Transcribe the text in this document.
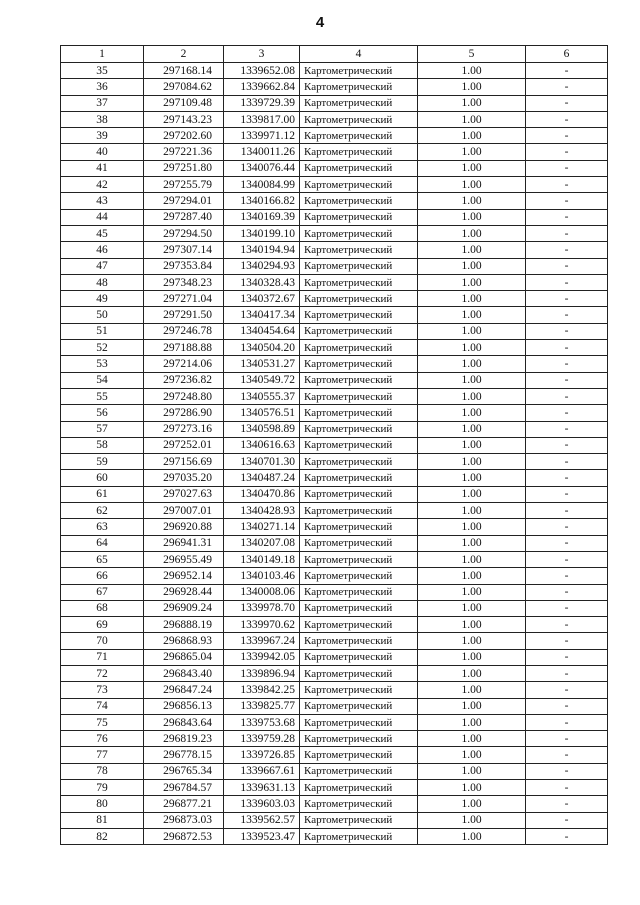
4
1	2	3	4	5	6
35	297168.14	1339652.08	Картометрический	1.00	-
36	297084.62	1339662.84	Картометрический	1.00	-
37	297109.48	1339729.39	Картометрический	1.00	-
38	297143.23	1339817.00	Картометрический	1.00	-
39	297202.60	1339971.12	Картометрический	1.00	-
40	297221.36	1340011.26	Картометрический	1.00	-
41	297251.80	1340076.44	Картометрический	1.00	-
42	297255.79	1340084.99	Картометрический	1.00	-
43	297294.01	1340166.82	Картометрический	1.00	-
44	297287.40	1340169.39	Картометрический	1.00	-
45	297294.50	1340199.10	Картометрический	1.00	-
46	297307.14	1340194.94	Картометрический	1.00	-
47	297353.84	1340294.93	Картометрический	1.00	-
48	297348.23	1340328.43	Картометрический	1.00	-
49	297271.04	1340372.67	Картометрический	1.00	-
50	297291.50	1340417.34	Картометрический	1.00	-
51	297246.78	1340454.64	Картометрический	1.00	-
52	297188.88	1340504.20	Картометрический	1.00	-
53	297214.06	1340531.27	Картометрический	1.00	-
54	297236.82	1340549.72	Картометрический	1.00	-
55	297248.80	1340555.37	Картометрический	1.00	-
56	297286.90	1340576.51	Картометрический	1.00	-
57	297273.16	1340598.89	Картометрический	1.00	-
58	297252.01	1340616.63	Картометрический	1.00	-
59	297156.69	1340701.30	Картометрический	1.00	-
60	297035.20	1340487.24	Картометрический	1.00	-
61	297027.63	1340470.86	Картометрический	1.00	-
62	297007.01	1340428.93	Картометрический	1.00	-
63	296920.88	1340271.14	Картометрический	1.00	-
64	296941.31	1340207.08	Картометрический	1.00	-
65	296955.49	1340149.18	Картометрический	1.00	-
66	296952.14	1340103.46	Картометрический	1.00	-
67	296928.44	1340008.06	Картометрический	1.00	-
68	296909.24	1339978.70	Картометрический	1.00	-
69	296888.19	1339970.62	Картометрический	1.00	-
70	296868.93	1339967.24	Картометрический	1.00	-
71	296865.04	1339942.05	Картометрический	1.00	-
72	296843.40	1339896.94	Картометрический	1.00	-
73	296847.24	1339842.25	Картометрический	1.00	-
74	296856.13	1339825.77	Картометрический	1.00	-
75	296843.64	1339753.68	Картометрический	1.00	-
76	296819.23	1339759.28	Картометрический	1.00	-
77	296778.15	1339726.85	Картометрический	1.00	-
78	296765.34	1339667.61	Картометрический	1.00	-
79	296784.57	1339631.13	Картометрический	1.00	-
80	296877.21	1339603.03	Картометрический	1.00	-
81	296873.03	1339562.57	Картометрический	1.00	-
82	296872.53	1339523.47	Картометрический	1.00	-
